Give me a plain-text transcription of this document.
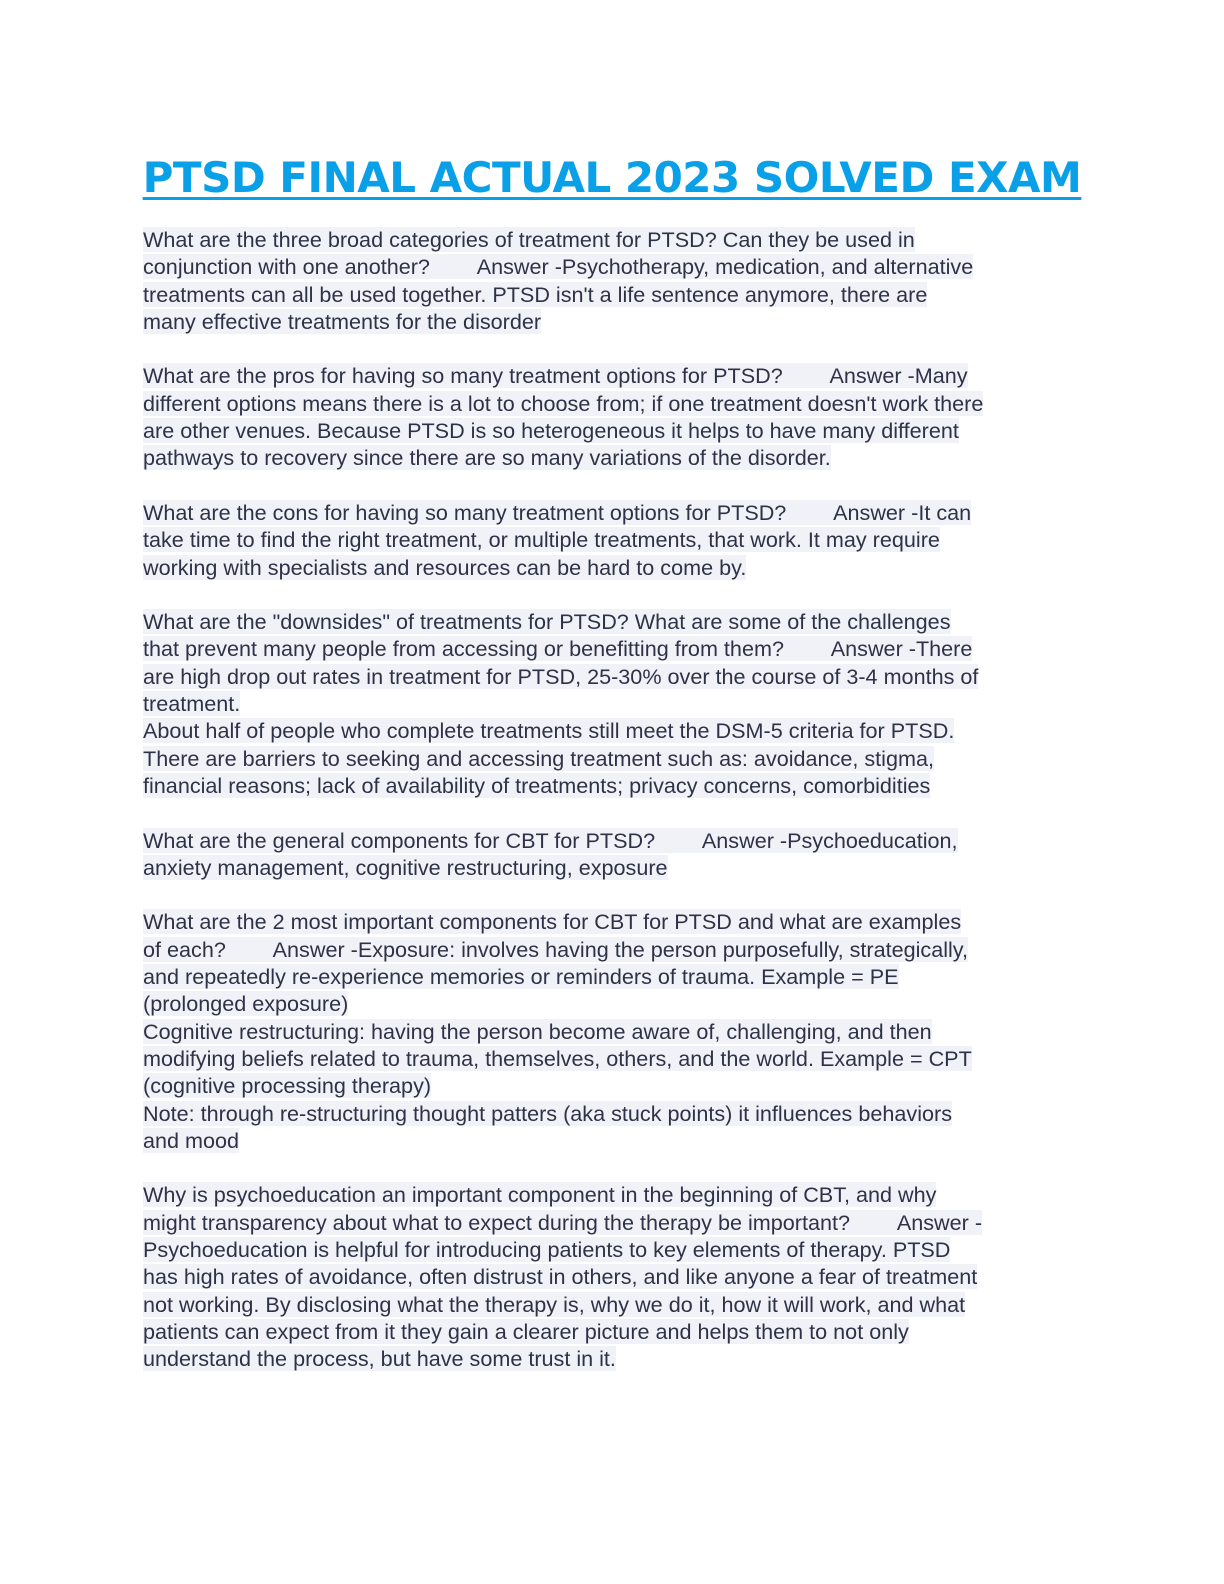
PTSD FINAL ACTUAL 2023 SOLVED EXAM
What are the three broad categories of treatment for PTSD? Can they be used in
conjunction with one another?        Answer -Psychotherapy, medication, and alternative
treatments can all be used together. PTSD isn't a life sentence anymore, there are
many effective treatments for the disorder
What are the pros for having so many treatment options for PTSD?        Answer -Many
different options means there is a lot to choose from; if one treatment doesn't work there
are other venues. Because PTSD is so heterogeneous it helps to have many different
pathways to recovery since there are so many variations of the disorder.
What are the cons for having so many treatment options for PTSD?        Answer -It can
take time to find the right treatment, or multiple treatments, that work. It may require
working with specialists and resources can be hard to come by.
What are the "downsides" of treatments for PTSD? What are some of the challenges
that prevent many people from accessing or benefitting from them?        Answer -There
are high drop out rates in treatment for PTSD, 25-30% over the course of 3-4 months of
treatment.
About half of people who complete treatments still meet the DSM-5 criteria for PTSD.
There are barriers to seeking and accessing treatment such as: avoidance, stigma,
financial reasons; lack of availability of treatments; privacy concerns, comorbidities
What are the general components for CBT for PTSD?        Answer -Psychoeducation,
anxiety management, cognitive restructuring, exposure
What are the 2 most important components for CBT for PTSD and what are examples
of each?        Answer -Exposure: involves having the person purposefully, strategically,
and repeatedly re-experience memories or reminders of trauma. Example = PE
(prolonged exposure)
Cognitive restructuring: having the person become aware of, challenging, and then
modifying beliefs related to trauma, themselves, others, and the world. Example = CPT
(cognitive processing therapy)
Note: through re-structuring thought patters (aka stuck points) it influences behaviors
and mood
Why is psychoeducation an important component in the beginning of CBT, and why
might transparency about what to expect during the therapy be important?        Answer -
Psychoeducation is helpful for introducing patients to key elements of therapy. PTSD
has high rates of avoidance, often distrust in others, and like anyone a fear of treatment
not working. By disclosing what the therapy is, why we do it, how it will work, and what
patients can expect from it they gain a clearer picture and helps them to not only
understand the process, but have some trust in it.
